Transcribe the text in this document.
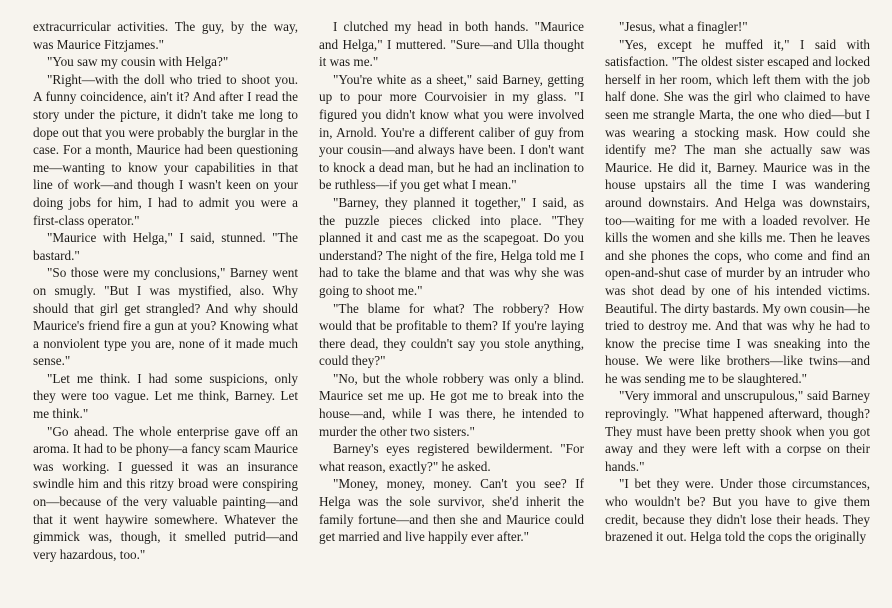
extracurricular activities. The guy, by the way, was Maurice Fitzjames."

"You saw my cousin with Helga?"

"Right—with the doll who tried to shoot you. A funny coincidence, ain't it? And after I read the story under the picture, it didn't take me long to dope out that you were probably the burglar in the case. For a month, Maurice had been questioning me—wanting to know your capabilities in that line of work—and though I wasn't keen on your doing jobs for him, I had to admit you were a first-class operator."

"Maurice with Helga," I said, stunned. "The bastard."

"So those were my conclusions," Barney went on smugly. "But I was mystified, also. Why should that girl get strangled? And why should Maurice's friend fire a gun at you? Knowing what a nonviolent type you are, none of it made much sense."

"Let me think. I had some suspicions, only they were too vague. Let me think, Barney. Let me think."

"Go ahead. The whole enterprise gave off an aroma. It had to be phony—a fancy scam Maurice was working. I guessed it was an insurance swindle him and this ritzy broad were conspiring on—because of the very valuable painting—and that it went haywire somewhere. Whatever the gimmick was, though, it smelled putrid—and very hazardous, too."

I clutched my head in both hands. "Maurice and Helga," I muttered. "Sure—and Ulla thought it was me."

"You're white as a sheet," said Barney, getting up to pour more Courvoisier in my glass. "I figured you didn't know what you were involved in, Arnold. You're a different caliber of guy from your cousin—and always have been. I don't want to knock a dead man, but he had an inclination to be ruthless—if you get what I mean."

"Barney, they planned it together," I said, as the puzzle pieces clicked into place. "They planned it and cast me as the scapegoat. Do you understand? The night of the fire, Helga told me I had to take the blame and that was why she was going to shoot me."

"The blame for what? The robbery? How would that be profitable to them? If you're laying there dead, they couldn't say you stole anything, could they?"

"No, but the whole robbery was only a blind. Maurice set me up. He got me to break into the house—and, while I was there, he intended to murder the other two sisters."

Barney's eyes registered bewilderment. "For what reason, exactly?" he asked.

"Money, money, money. Can't you see? If Helga was the sole survivor, she'd inherit the family fortune—and then she and Maurice could get married and live happily ever after."

"Jesus, what a finagler!"

"Yes, except he muffed it," I said with satisfaction. "The oldest sister escaped and locked herself in her room, which left them with the job half done. She was the girl who claimed to have seen me strangle Marta, the one who died—but I was wearing a stocking mask. How could she identify me? The man she actually saw was Maurice. He did it, Barney. Maurice was in the house upstairs all the time I was wandering around downstairs. And Helga was downstairs, too—waiting for me with a loaded revolver. He kills the women and she kills me. Then he leaves and she phones the cops, who come and find an open-and-shut case of murder by an intruder who was shot dead by one of his intended victims. Beautiful. The dirty bastards. My own cousin—he tried to destroy me. And that was why he had to know the precise time I was sneaking into the house. We were like brothers—like twins—and he was sending me to be slaughtered."

"Very immoral and unscrupulous," said Barney reprovingly. "What happened afterward, though? They must have been pretty shook when you got away and they were left with a corpse on their hands."

"I bet they were. Under those circumstances, who wouldn't be? But you have to give them credit, because they didn't lose their heads. They brazened it out. Helga told the cops the originally
